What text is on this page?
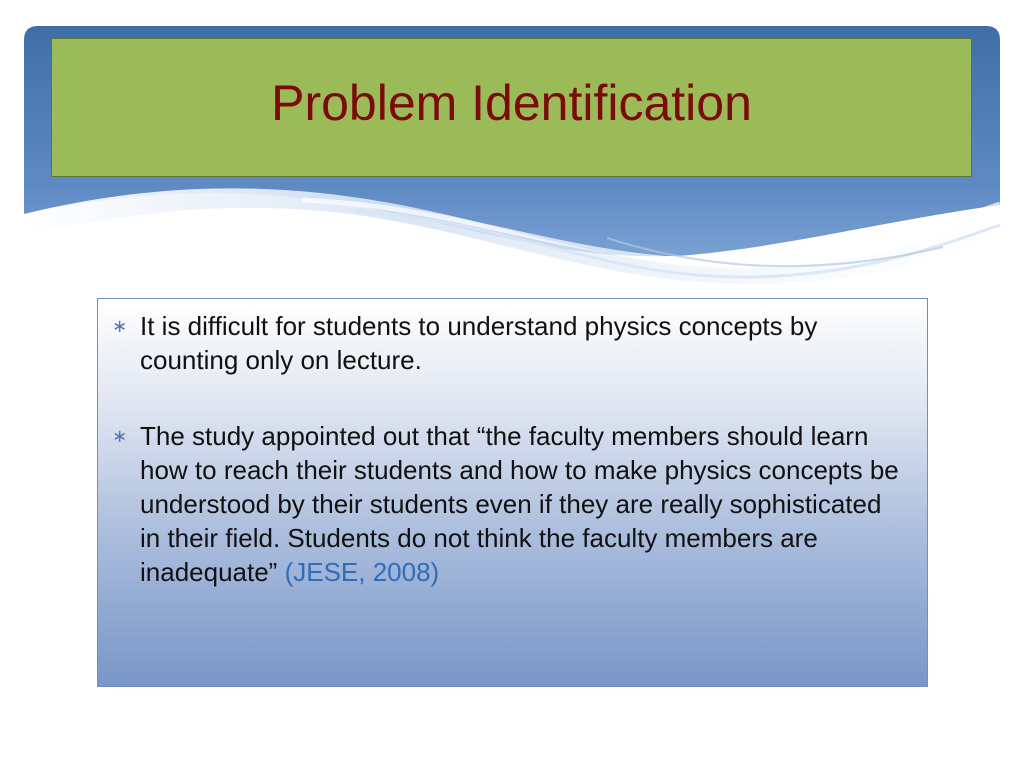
Problem Identification
∗ It is difficult for students to understand physics concepts by counting only on lecture.
∗ The study appointed out that “the faculty members should learn how to reach their students and how to make physics concepts be understood by their students even if they are really sophisticated in their field. Students do not think the faculty members are inadequate” (JESE, 2008)
